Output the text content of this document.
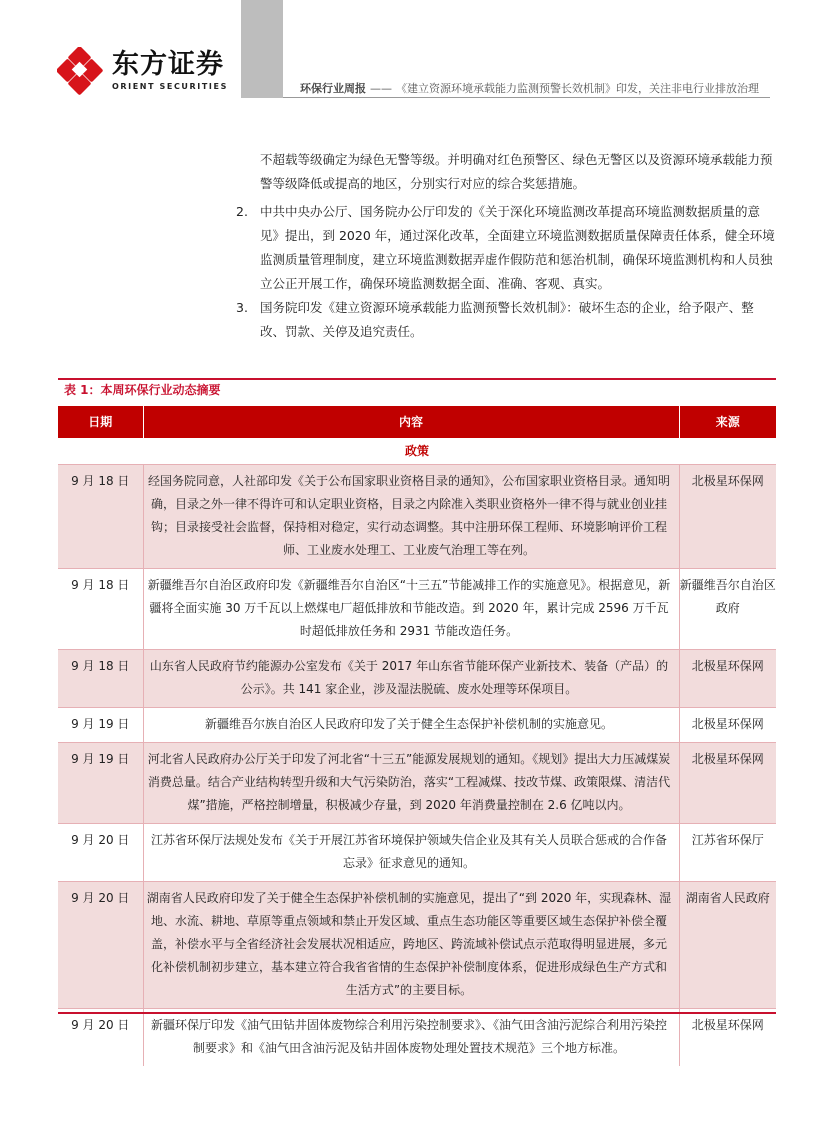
东方证券
ORIENT SECURITIES	环保行业周报 —— 《建立资源环境承载能力监测预警长效机制》印发，关注非电行业排放治理
不超载等级确定为绿色无警等级。并明确对红色预警区、绿色无警区以及资源环境承载能力预警等级降低或提高的地区，分别实行对应的综合奖惩措施。
2. 中共中央办公厅、国务院办公厅印发的《关于深化环境监测改革提高环境监测数据质量的意见》提出，到 2020 年，通过深化改革，全面建立环境监测数据质量保障责任体系，健全环境监测质量管理制度，建立环境监测数据弄虚作假防范和惩治机制，确保环境监测机构和人员独立公正开展工作，确保环境监测数据全面、准确、客观、真实。
3. 国务院印发《建立资源环境承载能力监测预警长效机制》：破坏生态的企业，给予限产、整改、罚款、关停及追究责任。
表 1：本周环保行业动态摘要
日期	内容	来源
政策		
9 月 18 日	经国务院同意，人社部印发《关于公布国家职业资格目录的通知》，公布国家职业资格目录。通知明确，目录之外一律不得许可和认定职业资格，目录之内除准入类职业资格外一律不得与就业创业挂钩；目录接受社会监督，保持相对稳定，实行动态调整。其中注册环保工程师、环境影响评价工程师、工业废水处理工、工业废气治理工等在列。	北极星环保网
9 月 18 日	新疆维吾尔自治区政府印发《新疆维吾尔自治区“十三五”节能减排工作的实施意见》。根据意见，新疆将全面实施 30 万千瓦以上燃煤电厂超低排放和节能改造。到 2020 年，累计完成 2596 万千瓦时超低排放任务和 2931 节能改造任务。	新疆维吾尔自治区政府
9 月 18 日	山东省人民政府节约能源办公室发布《关于 2017 年山东省节能环保产业新技术、装备（产品）的公示》。共 141 家企业，涉及湿法脱硫、废水处理等环保项目。	北极星环保网
9 月 19 日	新疆维吾尔族自治区人民政府印发了关于健全生态保护补偿机制的实施意见。	北极星环保网
9 月 19 日	河北省人民政府办公厅关于印发了河北省“十三五”能源发展规划的通知。《规划》提出大力压减煤炭消费总量。结合产业结构转型升级和大气污染防治，落实“工程减煤、技改节煤、政策限煤、清洁代煤”措施，严格控制增量，积极减少存量，到 2020 年消费量控制在 2.6 亿吨以内。	北极星环保网
9 月 20 日	江苏省环保厅法规处发布《关于开展江苏省环境保护领域失信企业及其有关人员联合惩戒的合作备忘录》征求意见的通知。	江苏省环保厅
9 月 20 日	湖南省人民政府印发了关于健全生态保护补偿机制的实施意见，提出了“到 2020 年，实现森林、湿地、水流、耕地、草原等重点领域和禁止开发区域、重点生态功能区等重要区域生态保护补偿全覆盖，补偿水平与全省经济社会发展状况相适应，跨地区、跨流域补偿试点示范取得明显进展，多元化补偿机制初步建立，基本建立符合我省省情的生态保护补偿制度体系，促进形成绿色生产方式和生活方式”的主要目标。	湖南省人民政府
9 月 20 日	新疆环保厅印发《油气田钻井固体废物综合利用污染控制要求》、《油气田含油污泥综合利用污染控制要求》和《油气田含油污泥及钻井固体废物处理处置技术规范》三个地方标准。	北极星环保网
